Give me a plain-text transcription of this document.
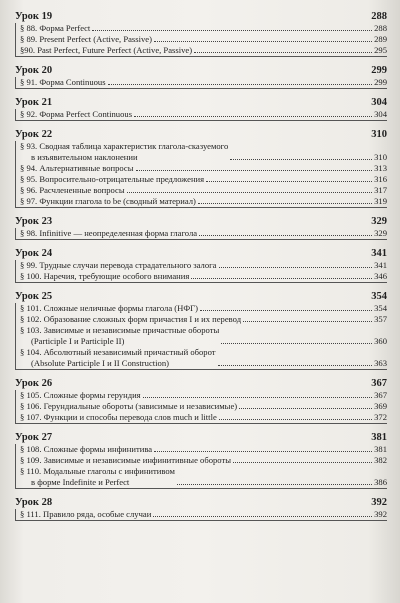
Урок 19	288
§ 88. Форма Perfect	288
§ 89. Present Perfect (Active, Passive)	289
§90. Past Perfect, Future Perfect (Active, Passive)	295
Урок 20	299
§ 91. Форма Continuous	299
Урок 21	304
§ 92. Форма Perfect Continuous	304
Урок 22	310
§ 93. Сводная таблица характеристик глагола-сказуемого
в изъявительном наклонении	310
§ 94. Альтернативные вопросы	313
§ 95. Вопросительно-отрицательные предложения	316
§ 96. Расчлененные вопросы	317
§ 97. Функции глагола to be (сводный материал)	319
Урок 23	329
§ 98. Infinitive — неопределенная форма глагола	329
Урок 24	341
§ 99. Трудные случаи перевода страдательного залога	341
§ 100. Наречия, требующие особого внимания	346
Урок 25	354
§ 101. Сложные неличные формы глагола (НФГ)	354
§ 102. Образование сложных форм причастия I и их перевод	357
§ 103. Зависимые и независимые причастные обороты
(Participle I и Participle II)	360
§ 104. Абсолютный независимый причастный оборот
(Absolute Participle I и II Construction)	363
Урок 26	367
§ 105. Сложные формы герундия	367
§ 106. Герундиальные обороты (зависимые и независимые)	369
§ 107. Функции и способы перевода слов much и little	372
Урок 27	381
§ 108. Сложные формы инфинитива	381
§ 109. Зависимые и независимые инфинитивные обороты	382
§ 110. Модальные глаголы с инфинитивом
в форме Indefinite и Perfect	386
Урок 28	392
§ 111. Правило ряда, особые случаи	392
